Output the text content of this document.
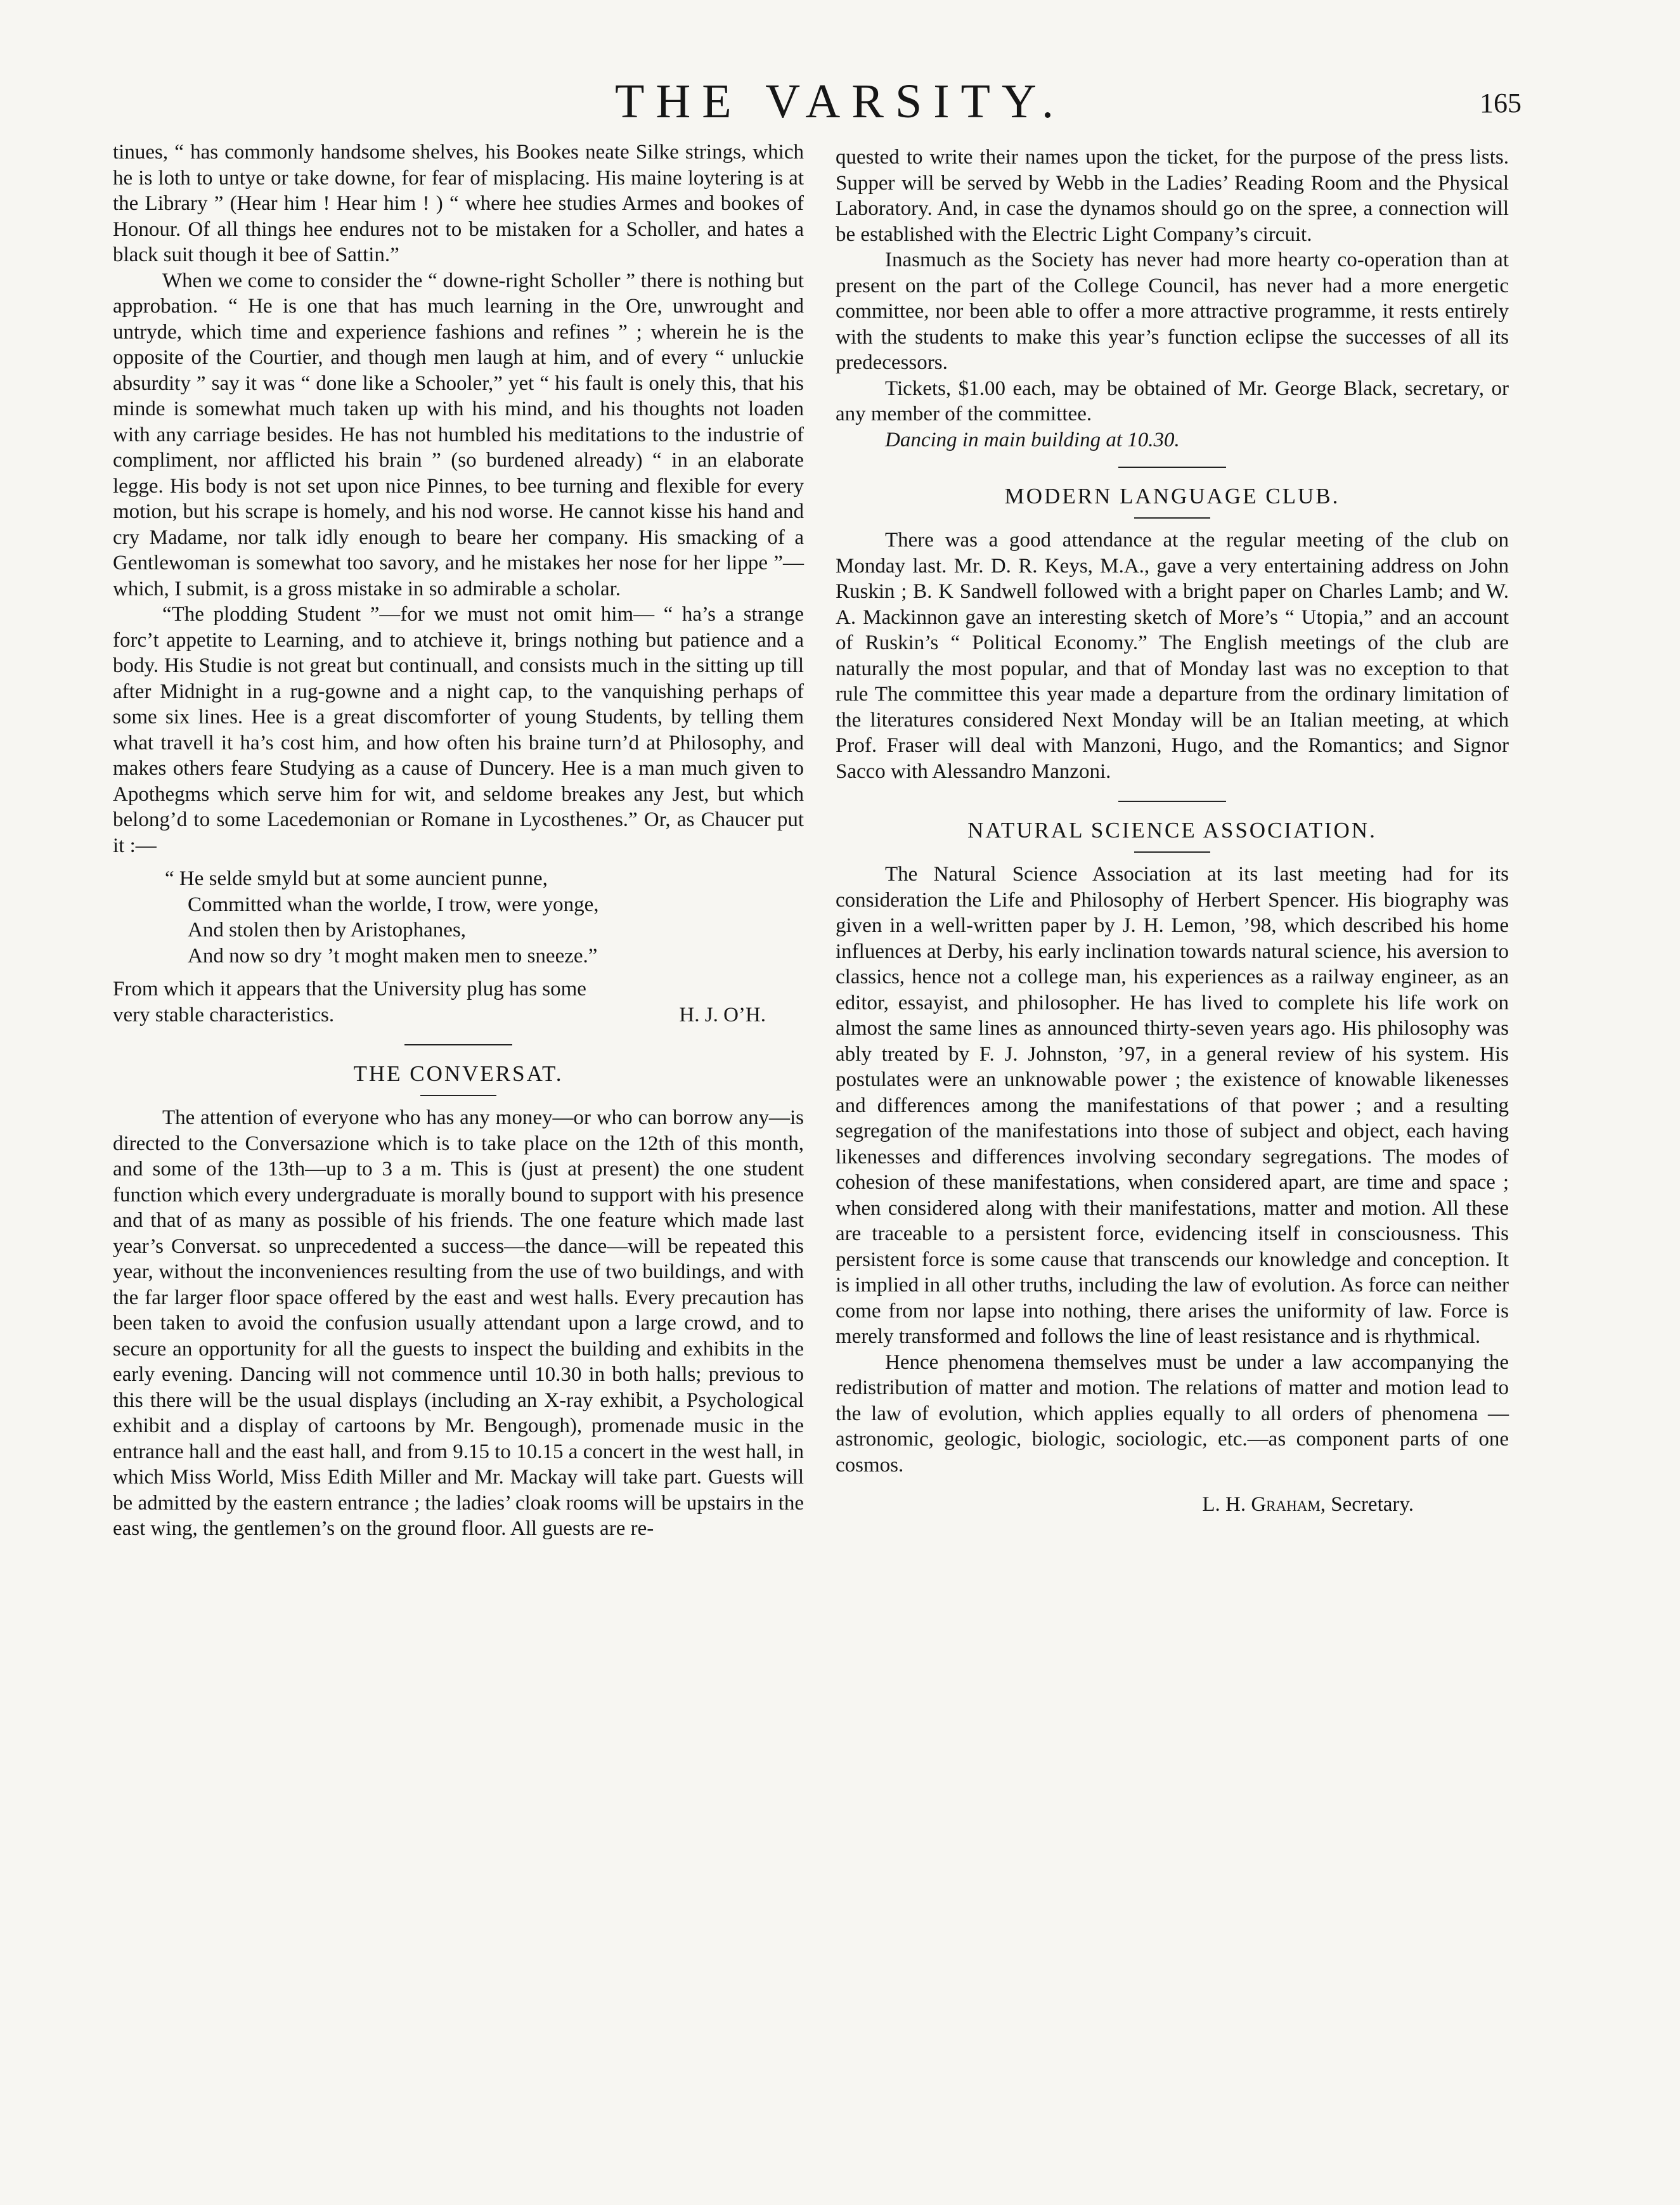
THE VARSITY.	165

tinues, “ has commonly handsome shelves, his Bookes neate Silke strings, which he is loth to untye or take downe, for fear of misplacing. His maine loytering is at the Library ” (Hear him ! Hear him ! ) “ where hee studies Armes and bookes of Honour. Of all things hee endures not to be mistaken for a Scholler, and hates a black suit though it bee of Sattin.”

When we come to consider the “ downe-right Scholler ” there is nothing but approbation. “ He is one that has much learning in the Ore, unwrought and untryde, which time and experience fashions and refines ” ; wherein he is the opposite of the Courtier, and though men laugh at him, and of every “ unluckie absurdity ” say it was “ done like a Schooler,” yet “ his fault is onely this, that his minde is somewhat much taken up with his mind, and his thoughts not loaden with any carriage besides. He has not humbled his meditations to the industrie of compliment, nor afflicted his brain ” (so burdened already) “ in an elaborate legge. His body is not set upon nice Pinnes, to bee turning and flexible for every motion, but his scrape is homely, and his nod worse. He cannot kisse his hand and cry Madame, nor talk idly enough to beare her company. His smacking of a Gentlewoman is somewhat too savory, and he mistakes her nose for her lippe ”—which, I submit, is a gross mistake in so admirable a scholar.

“The plodding Student ”—for we must not omit him— “ ha’s a strange forc’t appetite to Learning, and to atchieve it, brings nothing but patience and a body. His Studie is not great but continuall, and consists much in the sitting up till after Midnight in a rug-gowne and a night cap, to the vanquishing perhaps of some six lines. Hee is a great discomforter of young Students, by telling them what travell it ha’s cost him, and how often his braine turn’d at Philosophy, and makes others feare Studying as a cause of Duncery. Hee is a man much given to Apothegms which serve him for wit, and seldome breakes any Jest, but which belong’d to some Lacedemonian or Romane in Lycosthenes.” Or, as Chaucer put it :—

“ He selde smyld but at some auncient punne,
Committed whan the worlde, I trow, were yonge,
And stolen then by Aristophanes,
And now so dry ’t moght maken men to sneeze.”

From which it appears that the University plug has some

very stable characteristics.	H. J. O’H.
THE CONVERSAT.

The attention of everyone who has any money—or who can borrow any—is directed to the Conversazione which is to take place on the 12th of this month, and some of the 13th—up to 3 a m. This is (just at present) the one student function which every undergraduate is morally bound to support with his presence and that of as many as possible of his friends. The one feature which made last year’s Conversat. so unprecedented a success—the dance—will be repeated this year, without the inconveniences resulting from the use of two buildings, and with the far larger floor space offered by the east and west halls. Every precaution has been taken to avoid the confusion usually attendant upon a large crowd, and to secure an opportunity for all the guests to inspect the building and exhibits in the early evening. Dancing will not commence until 10.30 in both halls; previous to this there will be the usual displays (including an X-ray exhibit, a Psychological exhibit and a display of cartoons by Mr. Bengough), promenade music in the entrance hall and the east hall, and from 9.15 to 10.15 a concert in the west hall, in which Miss World, Miss Edith Miller and Mr. Mackay will take part. Guests will be admitted by the eastern entrance ; the ladies’ cloak rooms will be upstairs in the east wing, the gentlemen’s on the ground floor. All guests are re-

quested to write their names upon the ticket, for the purpose of the press lists. Supper will be served by Webb in the Ladies’ Reading Room and the Physical Laboratory. And, in case the dynamos should go on the spree, a connection will be established with the Electric Light Company’s circuit.

Inasmuch as the Society has never had more hearty co-operation than at present on the part of the College Council, has never had a more energetic committee, nor been able to offer a more attractive programme, it rests entirely with the students to make this year’s function eclipse the successes of all its predecessors.

Tickets, $1.00 each, may be obtained of Mr. George Black, secretary, or any member of the committee.

Dancing in main building at 10.30.

MODERN LANGUAGE CLUB.

There was a good attendance at the regular meeting of the club on Monday last. Mr. D. R. Keys, M.A., gave a very entertaining address on John Ruskin ; B. K Sandwell followed with a bright paper on Charles Lamb; and W. A. Mackinnon gave an interesting sketch of More’s “ Utopia,” and an account of Ruskin’s “ Political Economy.” The English meetings of the club are naturally the most popular, and that of Monday last was no exception to that rule The committee this year made a departure from the ordinary limitation of the literatures considered Next Monday will be an Italian meeting, at which Prof. Fraser will deal with Manzoni, Hugo, and the Romantics; and Signor Sacco with Alessandro Manzoni.

NATURAL SCIENCE ASSOCIATION.

The Natural Science Association at its last meeting had for its consideration the Life and Philosophy of Herbert Spencer. His biography was given in a well-written paper by J. H. Lemon, ’98, which described his home influences at Derby, his early inclination towards natural science, his aversion to classics, hence not a college man, his experiences as a railway engineer, as an editor, essayist, and philosopher. He has lived to complete his life work on almost the same lines as announced thirty-seven years ago. His philosophy was ably treated by F. J. Johnston, ’97, in a general review of his system. His postulates were an unknowable power ; the existence of knowable likenesses and differences among the manifestations of that power ; and a resulting segregation of the manifestations into those of subject and object, each having likenesses and differences involving secondary segregations. The modes of cohesion of these manifestations, when considered apart, are time and space ; when considered along with their manifestations, matter and motion. All these are traceable to a persistent force, evidencing itself in consciousness. This persistent force is some cause that transcends our knowledge and conception. It is implied in all other truths, including the law of evolution. As force can neither come from nor lapse into nothing, there arises the uniformity of law. Force is merely transformed and follows the line of least resistance and is rhythmical.

Hence phenomena themselves must be under a law accompanying the redistribution of matter and motion. The relations of matter and motion lead to the law of evolution, which applies equally to all orders of phenomena —astronomic, geologic, biologic, sociologic, etc.—as component parts of one cosmos.

L. H. Graham, Secretary.
